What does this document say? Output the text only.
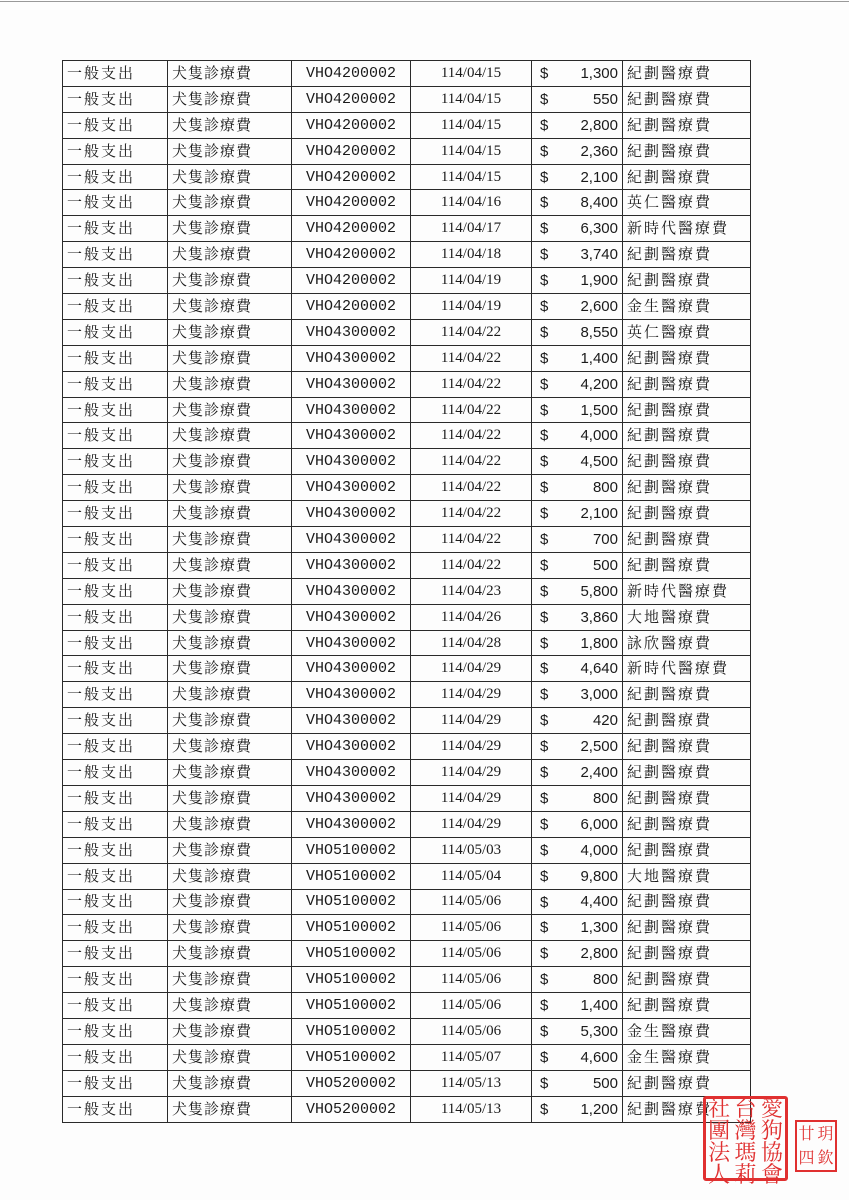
一般支出	犬隻診療費	VHO4200002	114/04/15	$ 1,300	紀劃醫療費
一般支出	犬隻診療費	VHO4200002	114/04/15	$ 550	紀劃醫療費
一般支出	犬隻診療費	VHO4200002	114/04/15	$ 2,800	紀劃醫療費
一般支出	犬隻診療費	VHO4200002	114/04/15	$ 2,360	紀劃醫療費
一般支出	犬隻診療費	VHO4200002	114/04/15	$ 2,100	紀劃醫療費
一般支出	犬隻診療費	VHO4200002	114/04/16	$ 8,400	英仁醫療費
一般支出	犬隻診療費	VHO4200002	114/04/17	$ 6,300	新時代醫療費
一般支出	犬隻診療費	VHO4200002	114/04/18	$ 3,740	紀劃醫療費
一般支出	犬隻診療費	VHO4200002	114/04/19	$ 1,900	紀劃醫療費
一般支出	犬隻診療費	VHO4200002	114/04/19	$ 2,600	金生醫療費
一般支出	犬隻診療費	VHO4300002	114/04/22	$ 8,550	英仁醫療費
一般支出	犬隻診療費	VHO4300002	114/04/22	$ 1,400	紀劃醫療費
一般支出	犬隻診療費	VHO4300002	114/04/22	$ 4,200	紀劃醫療費
一般支出	犬隻診療費	VHO4300002	114/04/22	$ 1,500	紀劃醫療費
一般支出	犬隻診療費	VHO4300002	114/04/22	$ 4,000	紀劃醫療費
一般支出	犬隻診療費	VHO4300002	114/04/22	$ 4,500	紀劃醫療費
一般支出	犬隻診療費	VHO4300002	114/04/22	$ 800	紀劃醫療費
一般支出	犬隻診療費	VHO4300002	114/04/22	$ 2,100	紀劃醫療費
一般支出	犬隻診療費	VHO4300002	114/04/22	$ 700	紀劃醫療費
一般支出	犬隻診療費	VHO4300002	114/04/22	$ 500	紀劃醫療費
一般支出	犬隻診療費	VHO4300002	114/04/23	$ 5,800	新時代醫療費
一般支出	犬隻診療費	VHO4300002	114/04/26	$ 3,860	大地醫療費
一般支出	犬隻診療費	VHO4300002	114/04/28	$ 1,800	詠欣醫療費
一般支出	犬隻診療費	VHO4300002	114/04/29	$ 4,640	新時代醫療費
一般支出	犬隻診療費	VHO4300002	114/04/29	$ 3,000	紀劃醫療費
一般支出	犬隻診療費	VHO4300002	114/04/29	$ 420	紀劃醫療費
一般支出	犬隻診療費	VHO4300002	114/04/29	$ 2,500	紀劃醫療費
一般支出	犬隻診療費	VHO4300002	114/04/29	$ 2,400	紀劃醫療費
一般支出	犬隻診療費	VHO4300002	114/04/29	$ 800	紀劃醫療費
一般支出	犬隻診療費	VHO4300002	114/04/29	$ 6,000	紀劃醫療費
一般支出	犬隻診療費	VHO5100002	114/05/03	$ 4,000	紀劃醫療費
一般支出	犬隻診療費	VHO5100002	114/05/04	$ 9,800	大地醫療費
一般支出	犬隻診療費	VHO5100002	114/05/06	$ 4,400	紀劃醫療費
一般支出	犬隻診療費	VHO5100002	114/05/06	$ 1,300	紀劃醫療費
一般支出	犬隻診療費	VHO5100002	114/05/06	$ 2,800	紀劃醫療費
一般支出	犬隻診療費	VHO5100002	114/05/06	$ 800	紀劃醫療費
一般支出	犬隻診療費	VHO5100002	114/05/06	$ 1,400	紀劃醫療費
一般支出	犬隻診療費	VHO5100002	114/05/06	$ 5,300	金生醫療費
一般支出	犬隻診療費	VHO5100002	114/05/07	$ 4,600	金生醫療費
一般支出	犬隻診療費	VHO5200002	114/05/13	$ 500	紀劃醫療費
一般支出	犬隻診療費	VHO5200002	114/05/13	$ 1,200	紀劃醫療費
社 台 愛
團 灣 狗
法 瑪 協
人 莉 會
廿 玥
四 欽
